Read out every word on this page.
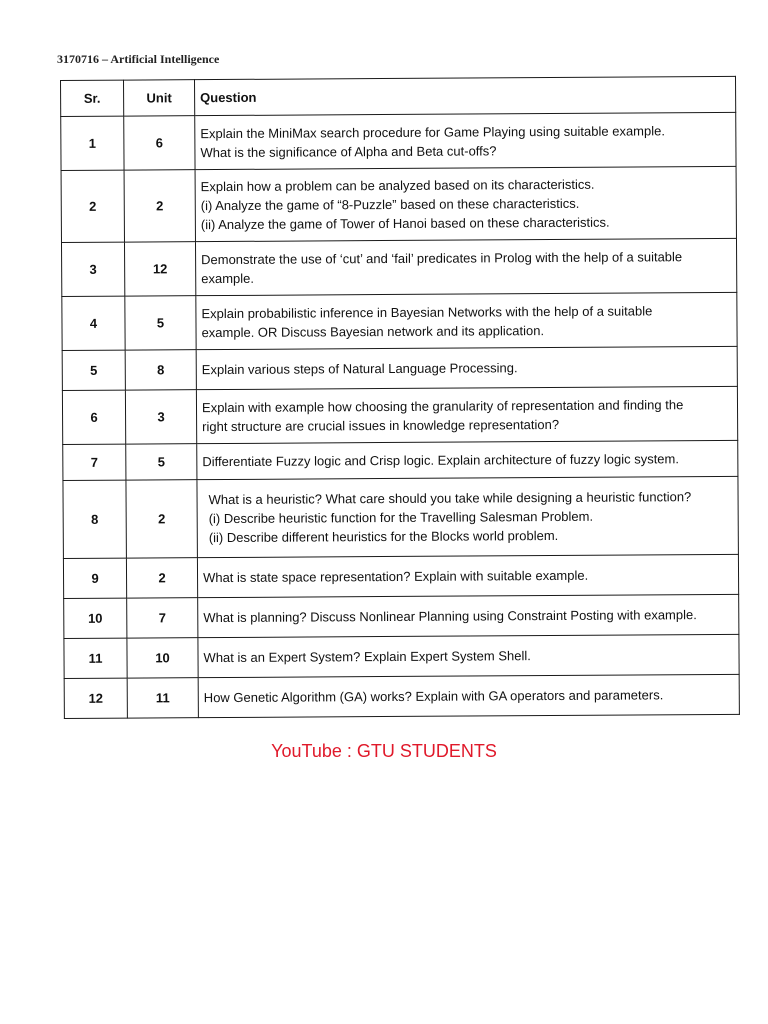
3170716 – Artificial Intelligence
Sr.	Unit	Question
1	6	Explain the MiniMax search procedure for Game Playing using suitable example.
What is the significance of Alpha and Beta cut-offs?

2	2	Explain how a problem can be analyzed based on its characteristics.
(i) Analyze the game of “8-Puzzle” based on these characteristics.
(ii) Analyze the game of Tower of Hanoi based on these characteristics.

3	12	Demonstrate the use of ‘cut’ and ‘fail’ predicates in Prolog with the help of a suitable
example.

4	5	Explain probabilistic inference in Bayesian Networks with the help of a suitable
example. OR Discuss Bayesian network and its application.

5	8	Explain various steps of Natural Language Processing.

6	3	Explain with example how choosing the granularity of representation and finding the
right structure are crucial issues in knowledge representation?

7	5	Differentiate Fuzzy logic and Crisp logic. Explain architecture of fuzzy logic system.

8	2	What is a heuristic? What care should you take while designing a heuristic function?
(i) Describe heuristic function for the Travelling Salesman Problem.
(ii) Describe different heuristics for the Blocks world problem.

9	2	What is state space representation? Explain with suitable example.

10	7	What is planning? Discuss Nonlinear Planning using Constraint Posting with example.

11	10	What is an Expert System? Explain Expert System Shell.

12	11	How Genetic Algorithm (GA) works? Explain with GA operators and parameters.
YouTube : GTU STUDENTS
